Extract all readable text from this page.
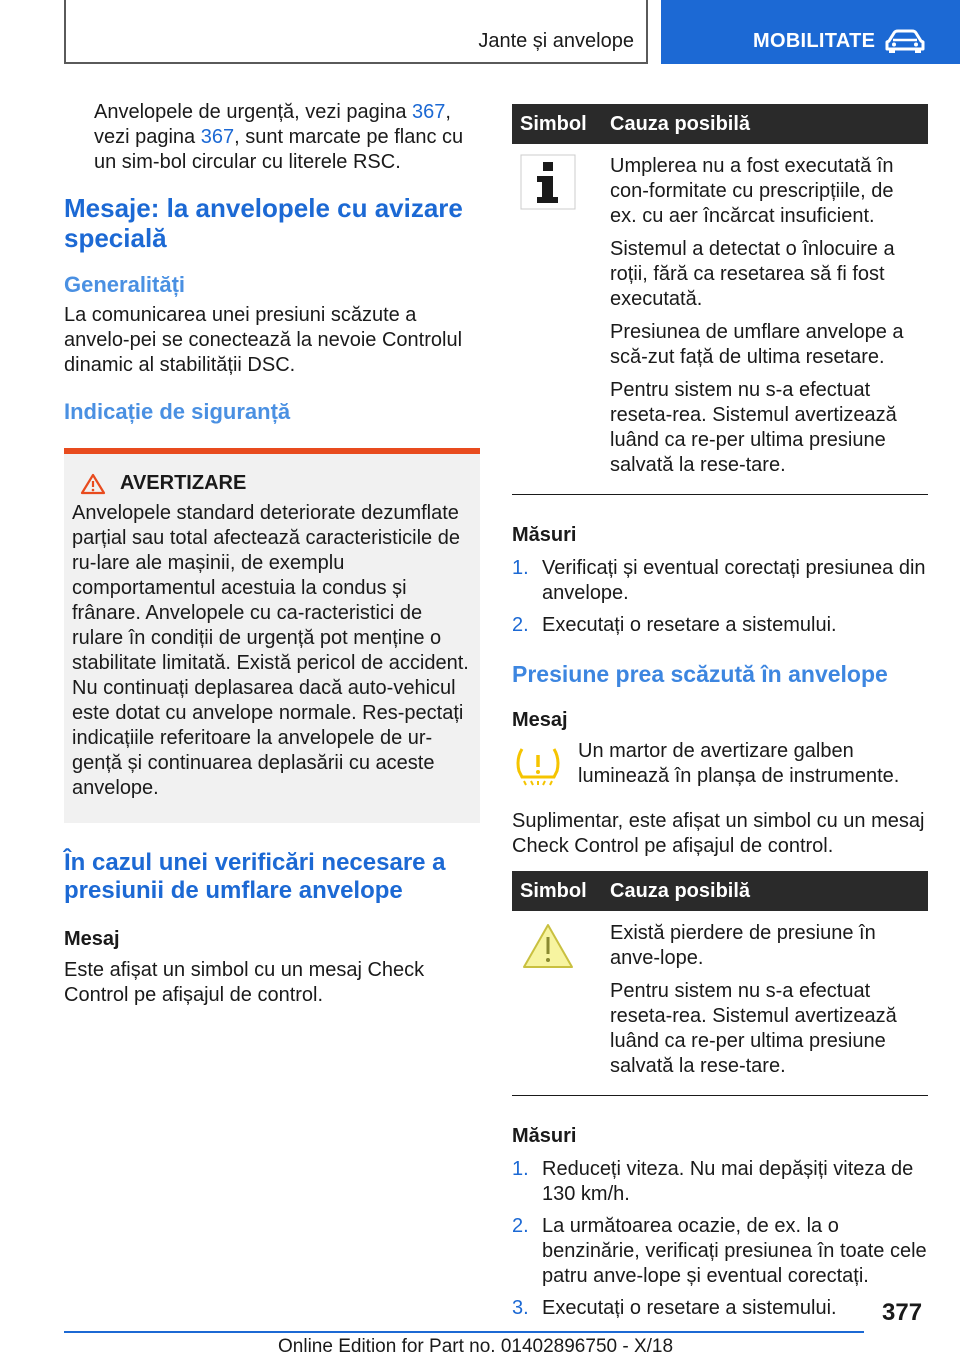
Jante și anvelope	MOBILITATE

Anvelopele de urgență, vezi pagina 367, vezi pagina 367, sunt marcate pe flanc cu un sim-bol circular cu literele RSC.

Mesaje: la anvelopele cu avizare specială
Generalități

La comunicarea unei presiuni scăzute a anvelo-pei se conectează la nevoie Controlul dinamic al stabilității DSC.

Indicație de siguranță
AVERTIZARE

Anvelopele standard deteriorate dezumflate parțial sau total afectează caracteristicile de ru-lare ale mașinii, de exemplu comportamentul acestuia la condus și frânare. Anvelopele cu ca-racteristici de rulare în condiții de urgență pot menține o stabilitate limitată. Există pericol de accident. Nu continuați deplasarea dacă auto-vehicul este dotat cu anvelope normale. Res-pectați indicațiile referitoare la anvelopele de ur-gență și continuarea deplasării cu aceste anvelope.

În cazul unei verificări necesare a presiunii de umflare anvelope
Mesaj

Este afișat un simbol cu un mesaj Check Control pe afișajul de control.

Simbol	Cauza posibilă

Umplerea nu a fost executată în con-formitate cu prescripțiile, de ex. cu aer încărcat insuficient.

Sistemul a detectat o înlocuire a roții, fără ca resetarea să fi fost executată.

Presiunea de umflare anvelope a scă-zut față de ultima resetare.

Pentru sistem nu s-a efectuat reseta-rea. Sistemul avertizează luând ca re-per ultima presiune salvată la rese-tare.

Măsuri
1. Verificați și eventual corectați presiunea din anvelope.
2. Executați o resetare a sistemului.
Presiune prea scăzută în anvelope
Mesaj

Un martor de avertizare galben luminează în planșa de instrumente.

Suplimentar, este afișat un simbol cu un mesaj Check Control pe afișajul de control.

Simbol	Cauza posibilă

Există pierdere de presiune în anve-lope.

Pentru sistem nu s-a efectuat reseta-rea. Sistemul avertizează luând ca re-per ultima presiune salvată la rese-tare.

Măsuri
1. Reduceți viteza. Nu mai depășiți viteza de 130 km/h.
2. La următoarea ocazie, de ex. la o benzinărie, verificați presiunea în toate cele patru anve-lope și eventual corectați.
3. Executați o resetare a sistemului.	377
Online Edition for Part no. 01402896750 - X/18
